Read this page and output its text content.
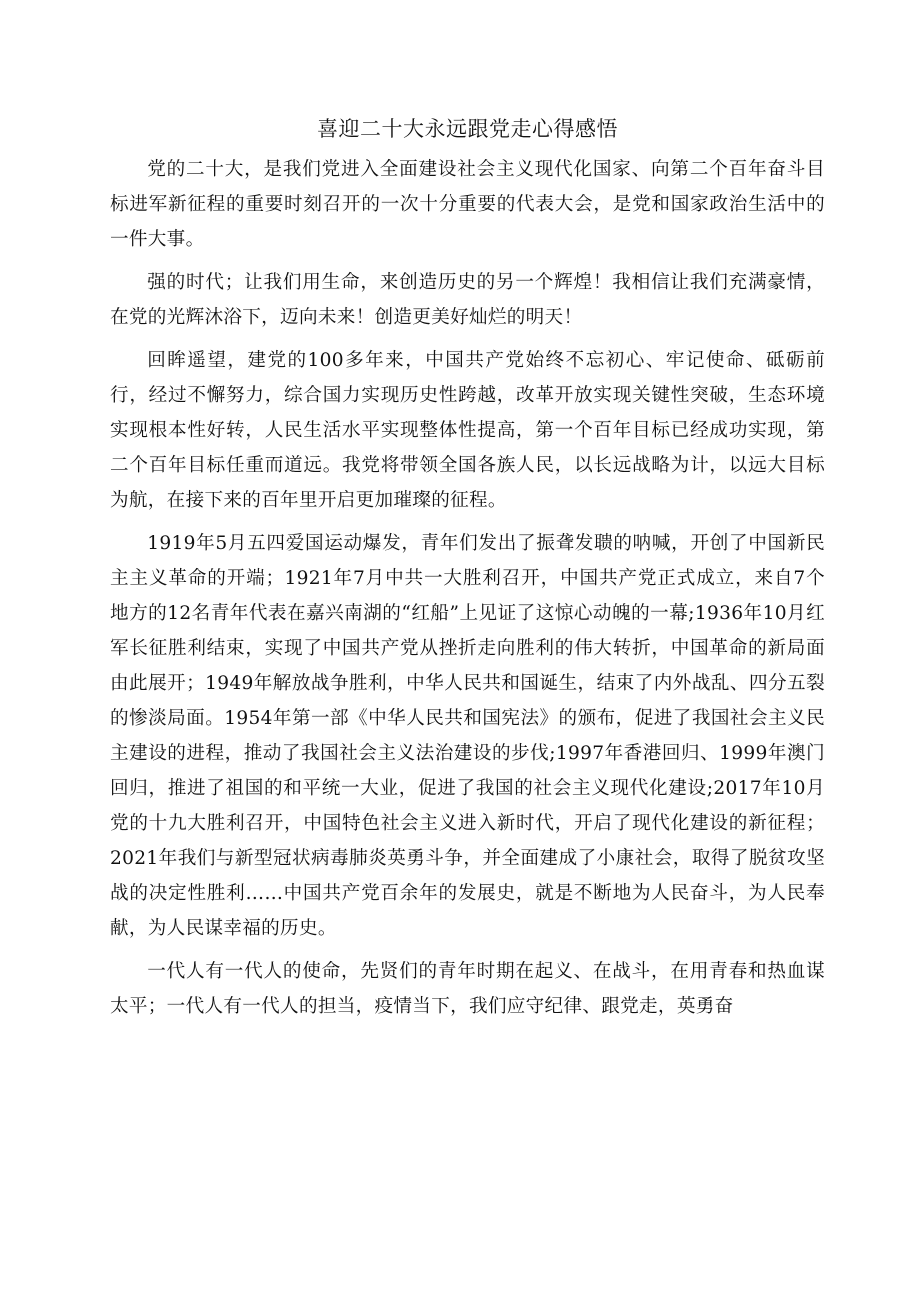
喜迎二十大永远跟党走心得感悟

党的二十大，是我们党进入全面建设社会主义现代化国家、向第二个百年奋斗目标进军新征程的重要时刻召开的一次十分重要的代表大会，是党和国家政治生活中的一件大事。

强的时代；让我们用生命，来创造历史的另一个辉煌！我相信让我们充满豪情，在党的光辉沐浴下，迈向未来！创造更美好灿烂的明天！

回眸遥望，建党的100多年来，中国共产党始终不忘初心、牢记使命、砥砺前行，经过不懈努力，综合国力实现历史性跨越，改革开放实现关键性突破，生态环境实现根本性好转，人民生活水平实现整体性提高，第一个百年目标已经成功实现，第二个百年目标任重而道远。我党将带领全国各族人民，以长远战略为计，以远大目标为航，在接下来的百年里开启更加璀璨的征程。

1919年5月五四爱国运动爆发，青年们发出了振聋发聩的呐喊，开创了中国新民主主义革命的开端；1921年7月中共一大胜利召开，中国共产党正式成立，来自7个地方的12名青年代表在嘉兴南湖的“红船”上见证了这惊心动魄的一幕;1936年10月红军长征胜利结束，实现了中国共产党从挫折走向胜利的伟大转折，中国革命的新局面由此展开；1949年解放战争胜利，中华人民共和国诞生，结束了内外战乱、四分五裂的惨淡局面。1954年第一部《中华人民共和国宪法》的颁布，促进了我国社会主义民主建设的进程，推动了我国社会主义法治建设的步伐;1997年香港回归、1999年澳门回归，推进了祖国的和平统一大业，促进了我国的社会主义现代化建设;2017年10月党的十九大胜利召开，中国特色社会主义进入新时代，开启了现代化建设的新征程；2021年我们与新型冠状病毒肺炎英勇斗争，并全面建成了小康社会，取得了脱贫攻坚战的决定性胜利……中国共产党百余年的发展史，就是不断地为人民奋斗，为人民奉献，为人民谋幸福的历史。

一代人有一代人的使命，先贤们的青年时期在起义、在战斗，在用青春和热血谋太平；一代人有一代人的担当，疫情当下，我们应守纪律、跟党走，英勇奋
